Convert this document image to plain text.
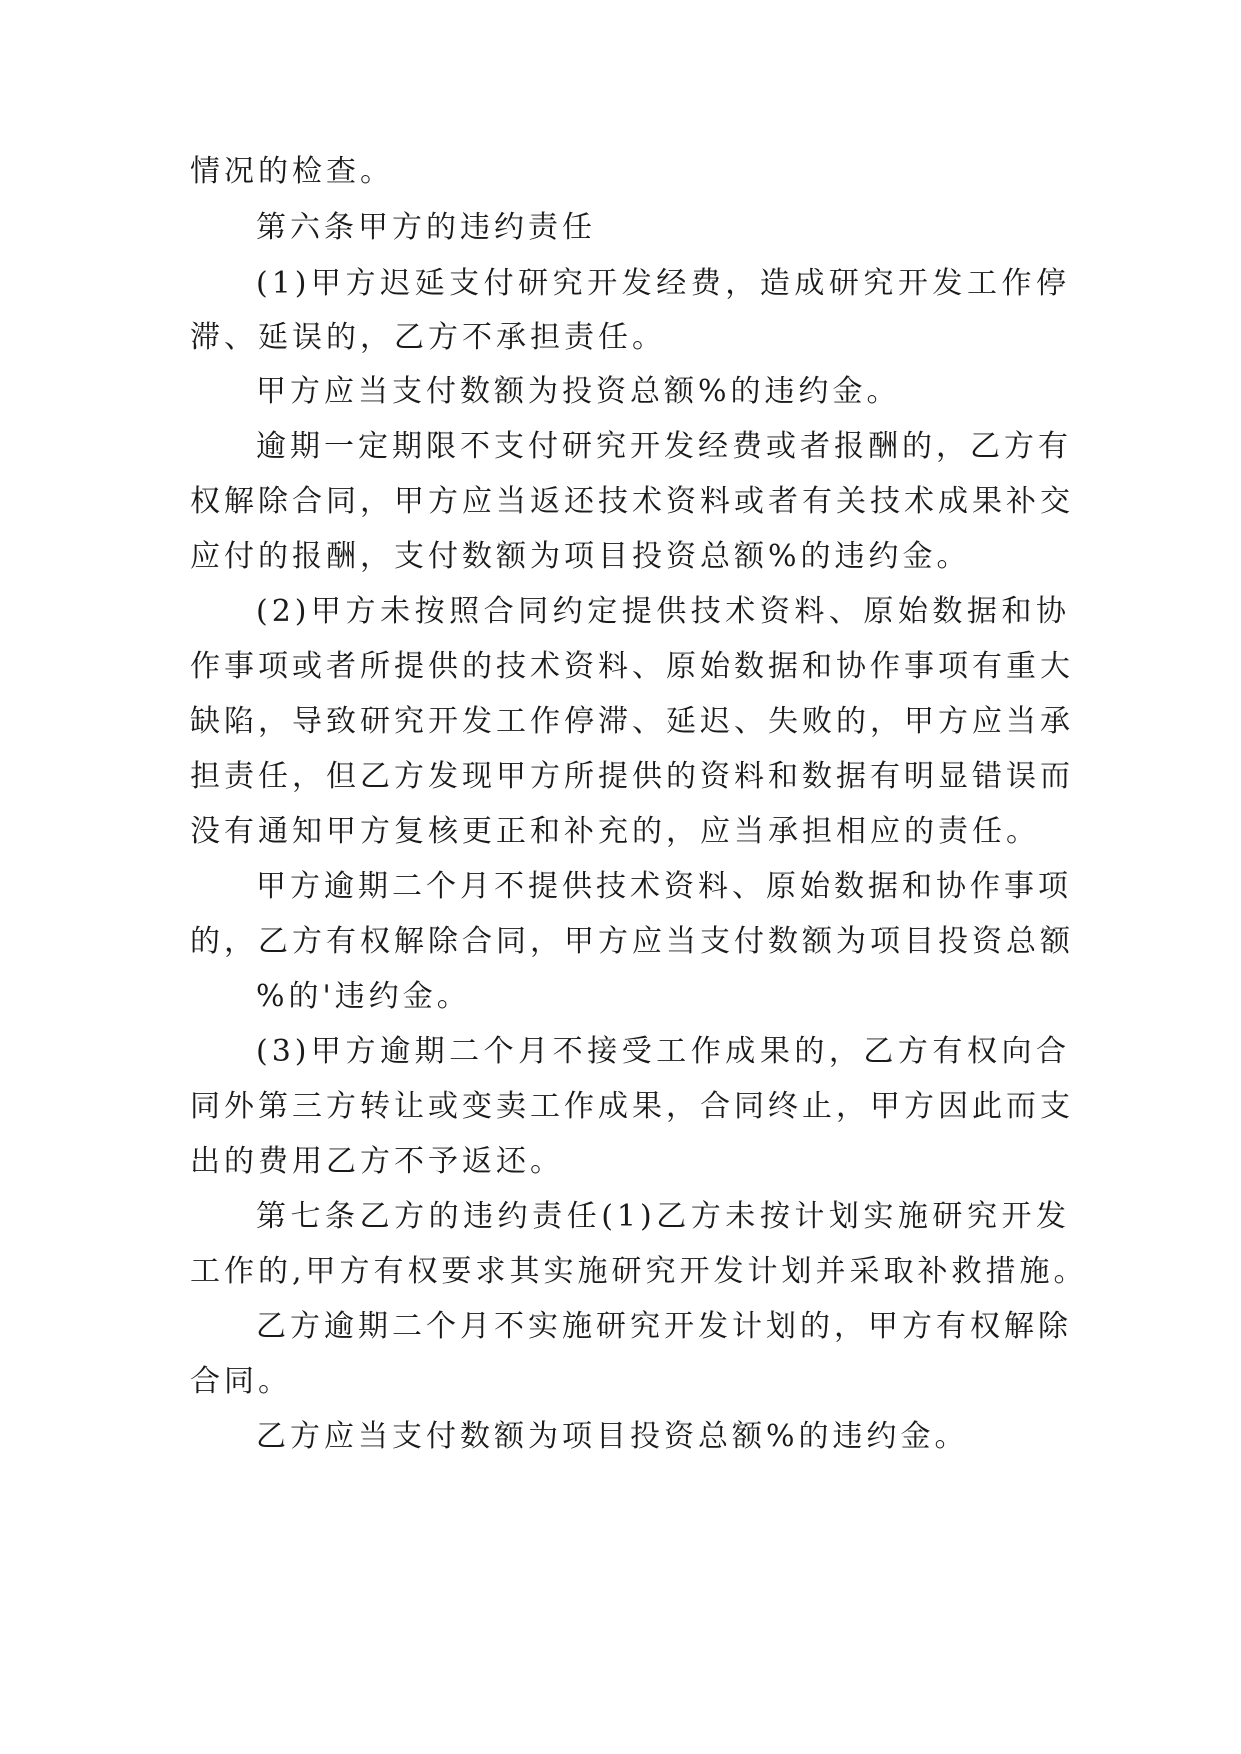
情况的检查。

第六条甲方的违约责任

(1)甲方迟延支付研究开发经费，造成研究开发工作停

滞、延误的，乙方不承担责任。

甲方应当支付数额为投资总额%的违约金。

逾期一定期限不支付研究开发经费或者报酬的，乙方有

权解除合同，甲方应当返还技术资料或者有关技术成果补交

应付的报酬，支付数额为项目投资总额%的违约金。

(2)甲方未按照合同约定提供技术资料、原始数据和协

作事项或者所提供的技术资料、原始数据和协作事项有重大

缺陷，导致研究开发工作停滞、延迟、失败的，甲方应当承

担责任，但乙方发现甲方所提供的资料和数据有明显错误而

没有通知甲方复核更正和补充的，应当承担相应的责任。

甲方逾期二个月不提供技术资料、原始数据和协作事项

的，乙方有权解除合同，甲方应当支付数额为项目投资总额

%的'违约金。

(3)甲方逾期二个月不接受工作成果的，乙方有权向合

同外第三方转让或变卖工作成果，合同终止，甲方因此而支

出的费用乙方不予返还。

第七条乙方的违约责任(1)乙方未按计划实施研究开发

工作的,甲方有权要求其实施研究开发计划并采取补救措施。

乙方逾期二个月不实施研究开发计划的，甲方有权解除

合同。

乙方应当支付数额为项目投资总额%的违约金。
